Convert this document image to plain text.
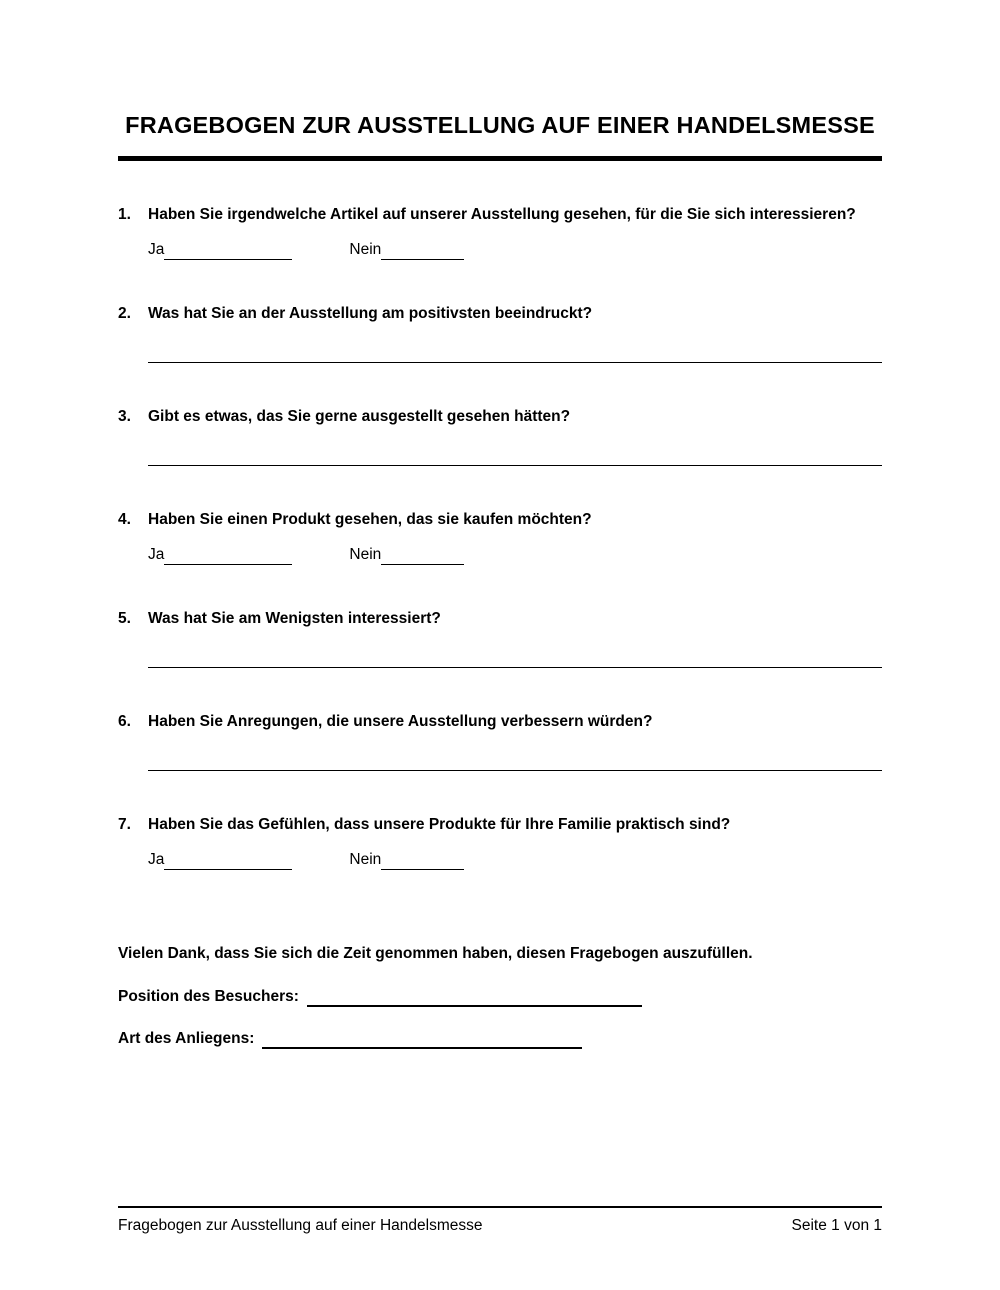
FRAGEBOGEN ZUR AUSSTELLUNG AUF EINER HANDELSMESSE
1.	Haben Sie irgendwelche Artikel auf unserer Ausstellung gesehen, für die Sie sich interessieren?
Ja	Nein
2.	Was hat Sie an der Ausstellung am positivsten beeindruckt?
3.	Gibt es etwas, das Sie gerne ausgestellt gesehen hätten?
4.	Haben Sie einen Produkt gesehen, das sie kaufen möchten?
Ja	Nein
5.	Was hat Sie am Wenigsten interessiert?
6.	Haben Sie Anregungen, die unsere Ausstellung verbessern würden?
7.	Haben Sie das Gefühlen, dass unsere Produkte für Ihre Familie praktisch sind?
Ja	Nein
Vielen Dank, dass Sie sich die Zeit genommen haben, diesen Fragebogen auszufüllen.
Position des Besuchers:
Art des Anliegens:
Fragebogen zur Ausstellung auf einer Handelsmesse	Seite 1 von 1
